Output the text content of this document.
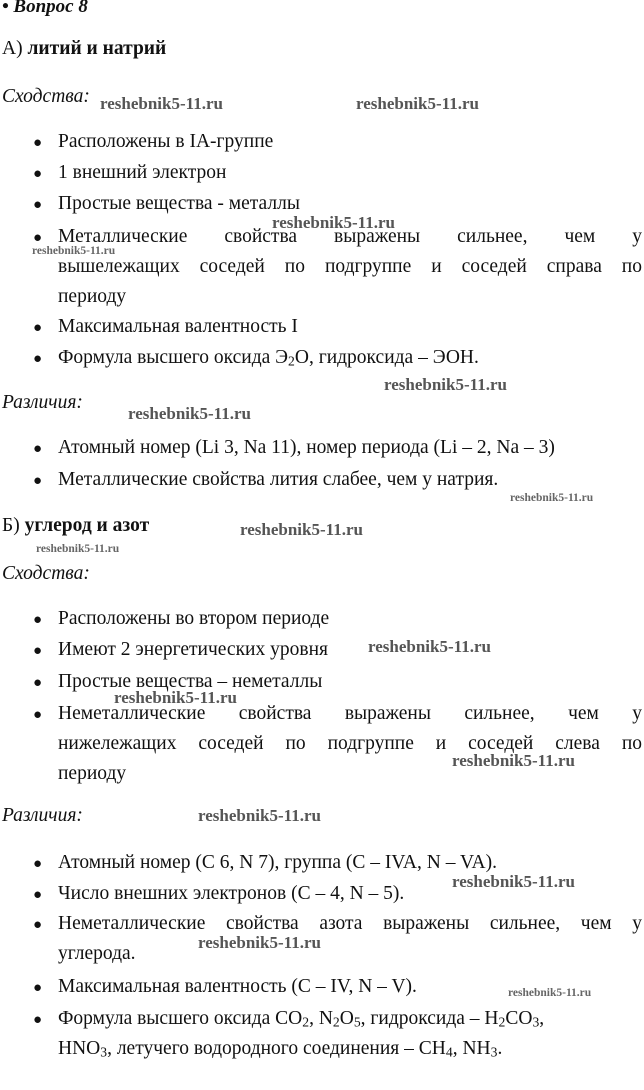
• Вопрос 8
А) литий и натрий
Сходства:
● Расположены в IA-группе
● 1 внешний электрон
● Простые вещества - металлы
● Металлические свойства выражены сильнее, чем у
вышележащих соседей по подгруппе и соседей справа по
периоду
● Максимальная валентность I
● Формула высшего оксида $Э_2О$, гидроксида – ЭОН.
Различия:
● Атомный номер (Li 3, Na 11), номер периода (Li – 2, Na – 3)
● Металлические свойства лития слабее, чем у натрия.
Б) углерод и азот
Сходства:
● Расположены во втором периоде
● Имеют 2 энергетических уровня
● Простые вещества – неметаллы
● Неметаллические свойства выражены сильнее, чем у
нижележащих соседей по подгруппе и соседей слева по
периоду
Различия:
● Атомный номер (С 6, N 7), группа (С – IVA, N – VA).
● Число внешних электронов (С – 4, N – 5).
● Неметаллические свойства азота выражены сильнее, чем у
углерода.
● Максимальная валентность (С – IV, N – V).
● Формула высшего оксида $СО_2$, $N_2О_5$, гидроксида – $Н_2СО_3$,
$НNО_3$, летучего водородного соединения – $СН_4$, $NН_3$.
reshebnik5-11.ru	reshebnik5-11.ru
reshebnik5-11.ru
reshebnik5-11.ru
reshebnik5-11.ru
reshebnik5-11.ru
reshebnik5-11.ru
reshebnik5-11.ru
reshebnik5-11.ru
reshebnik5-11.ru
reshebnik5-11.ru
reshebnik5-11.ru
reshebnik5-11.ru
reshebnik5-11.ru
reshebnik5-11.ru
reshebnik5-11.ru
